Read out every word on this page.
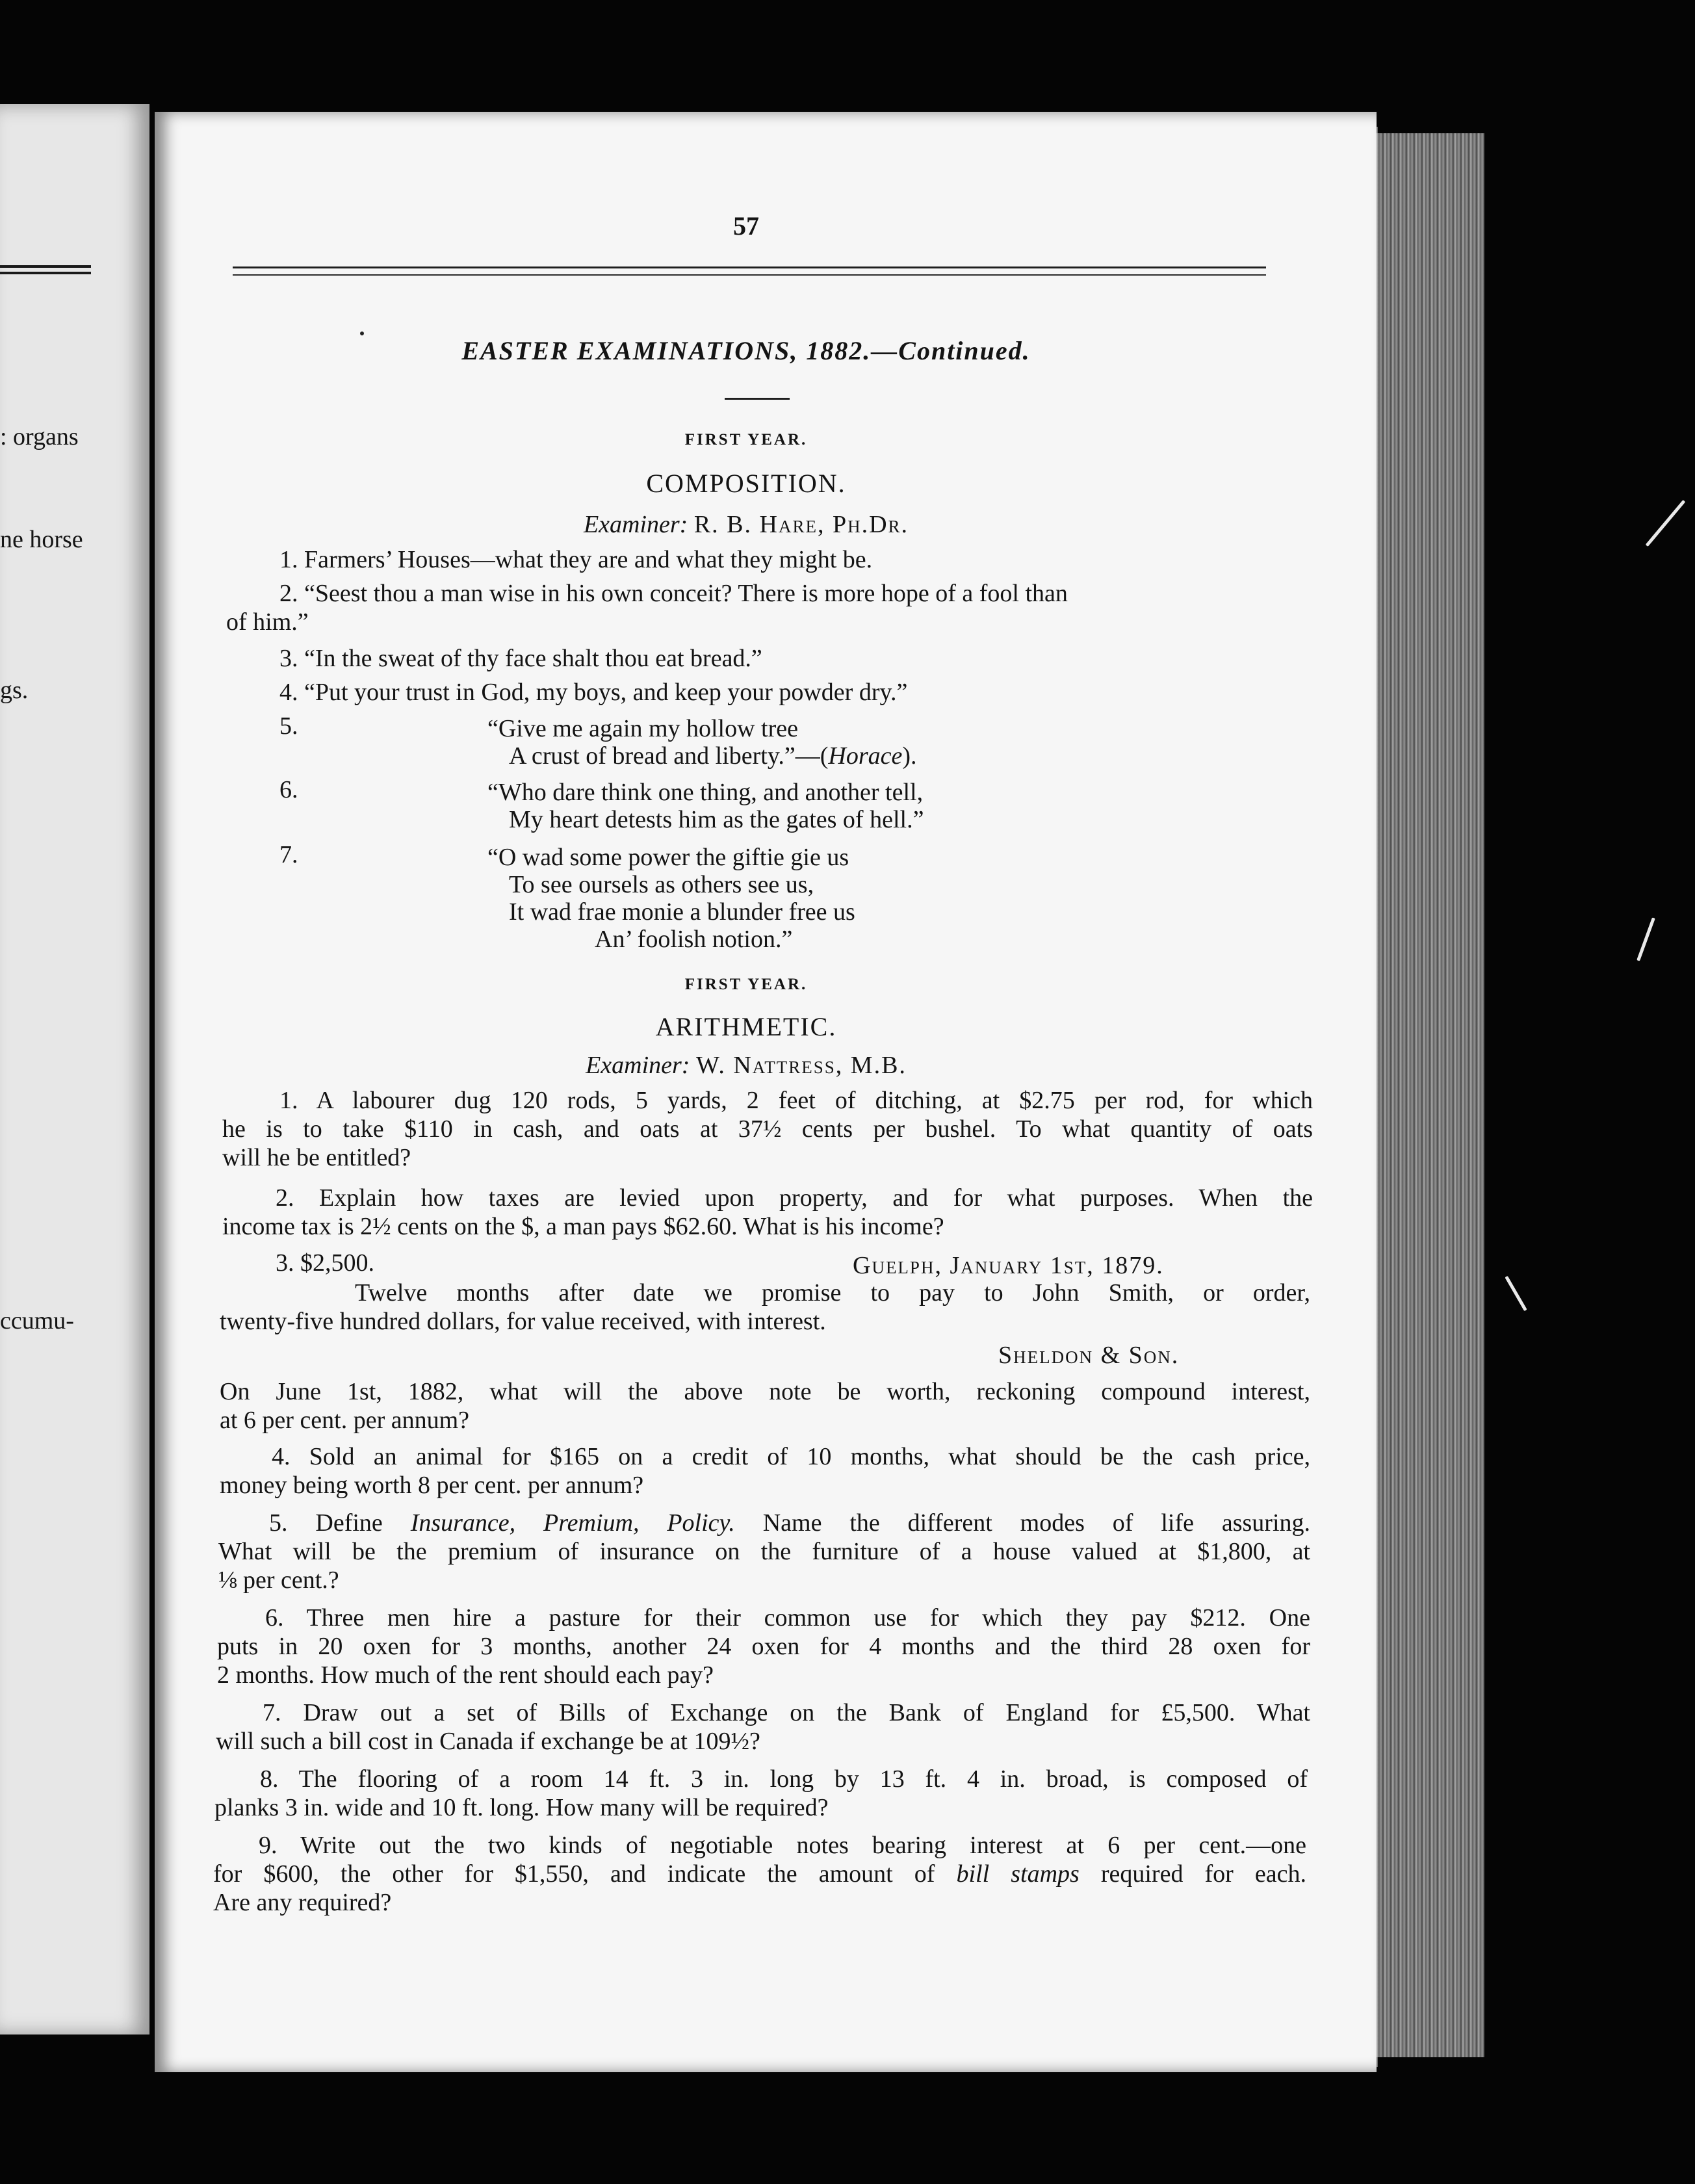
: organs
ne horse
gs.
ccumu-
57
EASTER EXAMINATIONS, 1882.—Continued.
FIRST YEAR.
COMPOSITION.
Examiner: R. B. Hare, Ph.Dr.
1. Farmers’ Houses—what they are and what they might be.
2. “Seest thou a man wise in his own conceit? There is more hope of a fool than
of him.”
3. “In the sweat of thy face shalt thou eat bread.”
4. “Put your trust in God, my boys, and keep your powder dry.”
5.	“Give me again my hollow tree
A crust of bread and liberty.”—(Horace).
6.	“Who dare think one thing, and another tell,
My heart detests him as the gates of hell.”
7.	“O wad some power the giftie gie us
To see oursels as others see us,
It wad frae monie a blunder free us
An’ foolish notion.”
FIRST YEAR.
ARITHMETIC.
Examiner: W. Nattress, M.B.
1. A labourer dug 120 rods, 5 yards, 2 feet of ditching, at $2.75 per rod, for which
he is to take $110 in cash, and oats at 37½ cents per bushel. To what quantity of oats
will he be entitled?
2. Explain how taxes are levied upon property, and for what purposes. When the
income tax is 2½ cents on the $, a man pays $62.60. What is his income?
3. $2,500.	Guelph, January 1st, 1879.
Twelve months after date we promise to pay to John Smith, or order,
twenty-five hundred dollars, for value received, with interest.
Sheldon & Son.
On June 1st, 1882, what will the above note be worth, reckoning compound interest,
at 6 per cent. per annum?
4. Sold an animal for $165 on a credit of 10 months, what should be the cash price,
money being worth 8 per cent. per annum?
5. Define Insurance, Premium, Policy. Name the different modes of life assuring.
What will be the premium of insurance on the furniture of a house valued at $1,800, at
⅛ per cent.?
6. Three men hire a pasture for their common use for which they pay $212. One
puts in 20 oxen for 3 months, another 24 oxen for 4 months and the third 28 oxen for
2 months. How much of the rent should each pay?
7. Draw out a set of Bills of Exchange on the Bank of England for £5,500. What
will such a bill cost in Canada if exchange be at 109½?
8. The flooring of a room 14 ft. 3 in. long by 13 ft. 4 in. broad, is composed of
planks 3 in. wide and 10 ft. long. How many will be required?
9. Write out the two kinds of negotiable notes bearing interest at 6 per cent.—one
for $600, the other for $1,550, and indicate the amount of bill stamps required for each.
Are any required?
